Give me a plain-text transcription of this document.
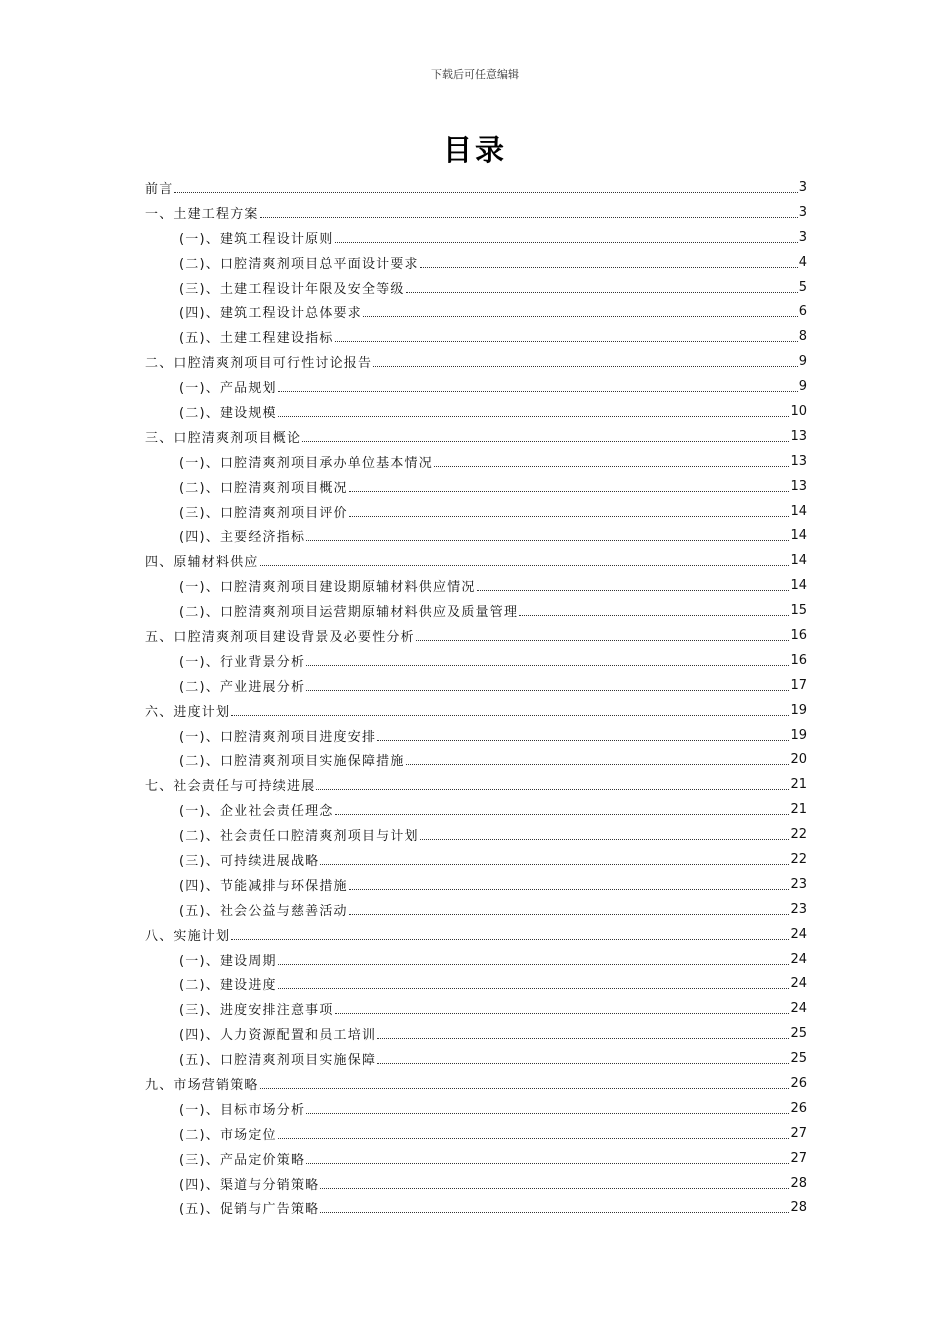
下载后可任意编辑
目录
前言	3
一、土建工程方案	3
(一)、建筑工程设计原则	3
(二)、口腔清爽剂项目总平面设计要求	4
(三)、土建工程设计年限及安全等级	5
(四)、建筑工程设计总体要求	6
(五)、土建工程建设指标	8
二、口腔清爽剂项目可行性讨论报告	9
(一)、产品规划	9
(二)、建设规模	10
三、口腔清爽剂项目概论	13
(一)、口腔清爽剂项目承办单位基本情况	13
(二)、口腔清爽剂项目概况	13
(三)、口腔清爽剂项目评价	14
(四)、主要经济指标	14
四、原辅材料供应	14
(一)、口腔清爽剂项目建设期原辅材料供应情况	14
(二)、口腔清爽剂项目运营期原辅材料供应及质量管理	15
五、口腔清爽剂项目建设背景及必要性分析	16
(一)、行业背景分析	16
(二)、产业进展分析	17
六、进度计划	19
(一)、口腔清爽剂项目进度安排	19
(二)、口腔清爽剂项目实施保障措施	20
七、社会责任与可持续进展	21
(一)、企业社会责任理念	21
(二)、社会责任口腔清爽剂项目与计划	22
(三)、可持续进展战略	22
(四)、节能减排与环保措施	23
(五)、社会公益与慈善活动	23
八、实施计划	24
(一)、建设周期	24
(二)、建设进度	24
(三)、进度安排注意事项	24
(四)、人力资源配置和员工培训	25
(五)、口腔清爽剂项目实施保障	25
九、市场营销策略	26
(一)、目标市场分析	26
(二)、市场定位	27
(三)、产品定价策略	27
(四)、渠道与分销策略	28
(五)、促销与广告策略	28
